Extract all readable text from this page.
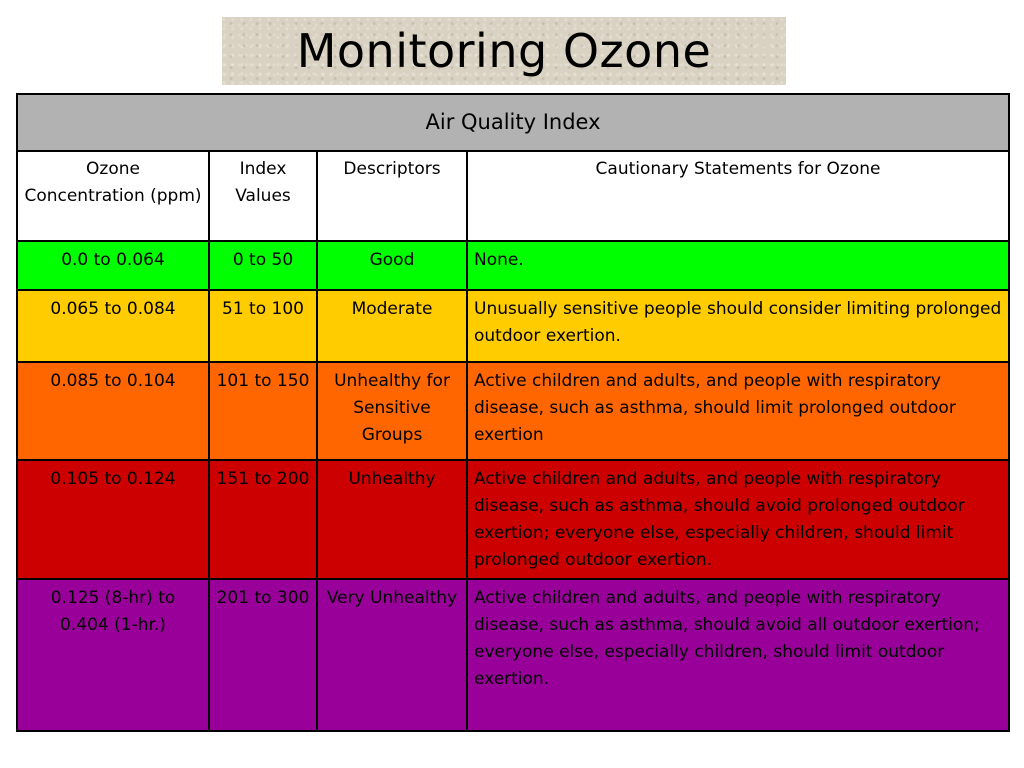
Monitoring Ozone
Air Quality Index			
Ozone Concentration (ppm)	Index Values	Descriptors	Cautionary Statements for Ozone
0.0 to 0.064	0 to 50	Good	None.
0.065 to 0.084	51 to 100	Moderate	Unusually sensitive people should consider limiting prolonged outdoor exertion.
0.085 to 0.104	101 to 150	Unhealthy for Sensitive Groups	Active children and adults, and people with respiratory disease, such as asthma, should limit prolonged outdoor exertion
0.105 to 0.124	151 to 200	Unhealthy	Active children and adults, and people with respiratory disease, such as asthma, should avoid prolonged outdoor exertion; everyone else, especially children, should limit prolonged outdoor exertion.
0.125 (8-hr) to 0.404 (1-hr.)	201 to 300	Very Unhealthy	Active children and adults, and people with respiratory disease, such as asthma, should avoid all outdoor exertion; everyone else, especially children, should limit outdoor exertion.
